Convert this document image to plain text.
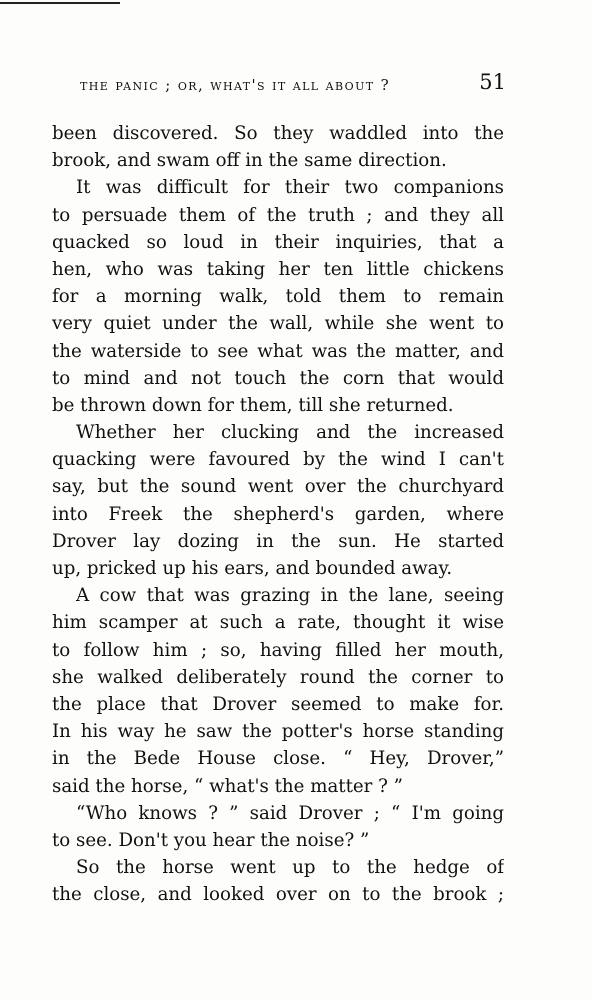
the panic ; or, what's it all about ?	51
been discovered. So they waddled into the
brook, and swam off in the same direction.
It was difficult for their two companions
to persuade them of the truth ; and they all
quacked so loud in their inquiries, that a
hen, who was taking her ten little chickens
for a morning walk, told them to remain
very quiet under the wall, while she went to
the waterside to see what was the matter, and
to mind and not touch the corn that would
be thrown down for them, till she returned.
Whether her clucking and the increased
quacking were favoured by the wind I can't
say, but the sound went over the churchyard
into Freek the shepherd's garden, where
Drover lay dozing in the sun. He started
up, pricked up his ears, and bounded away.
A cow that was grazing in the lane, seeing
him scamper at such a rate, thought it wise
to follow him ; so, having filled her mouth,
she walked deliberately round the corner to
the place that Drover seemed to make for.
In his way he saw the potter's horse standing
in the Bede House close. “ Hey, Drover,”
said the horse, “ what's the matter ? ”
“Who knows ? ” said Drover ; “ I'm going
to see. Don't you hear the noise? ”
So the horse went up to the hedge of
the close, and looked over on to the brook ;
